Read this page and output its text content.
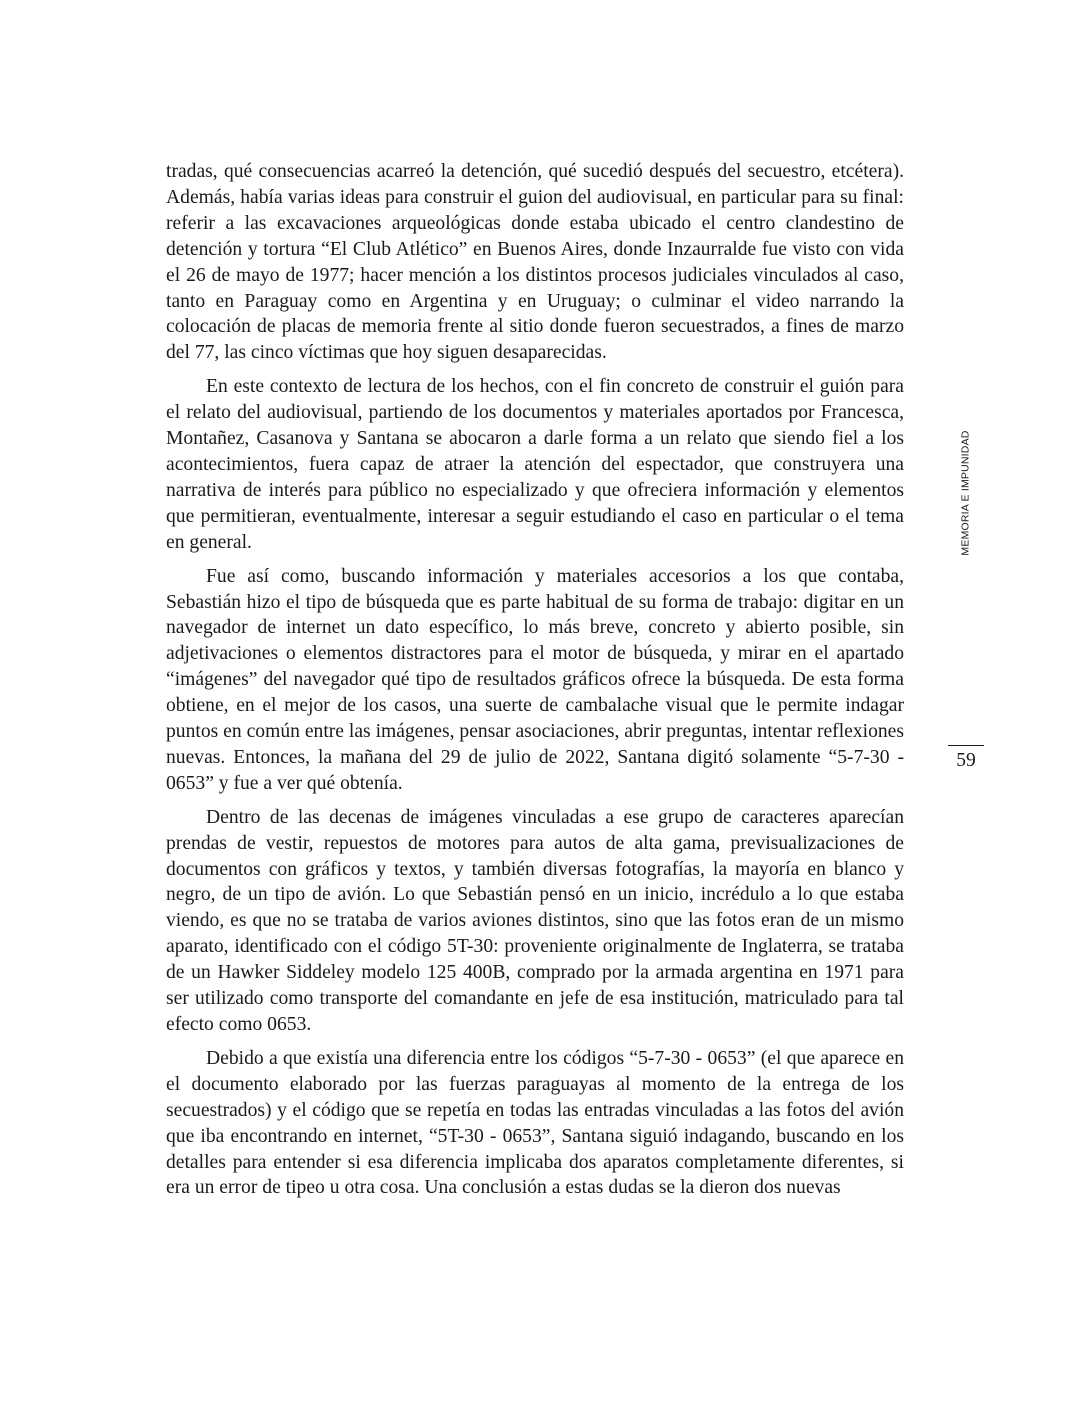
tradas, qué consecuencias acarreó la detención, qué sucedió después del secuestro, etcétera). Además, había varias ideas para construir el guion del audiovisual, en particular para su final: referir a las excavaciones arqueológicas donde estaba ubicado el centro clandestino de detención y tortura “El Club Atlético” en Buenos Aires, donde Inzaurralde fue visto con vida el 26 de mayo de 1977; hacer mención a los distintos procesos judiciales vinculados al caso, tanto en Paraguay como en Argentina y en Uruguay; o culminar el video narrando la colocación de placas de memoria frente al sitio donde fueron secuestrados, a fines de marzo del 77, las cinco víctimas que hoy siguen desaparecidas.

En este contexto de lectura de los hechos, con el fin concreto de construir el guión para el relato del audiovisual, partiendo de los documentos y materiales aportados por Francesca, Montañez, Casanova y Santana se abocaron a darle forma a un relato que siendo fiel a los acontecimientos, fuera capaz de atraer la atención del espectador, que construyera una narrativa de interés para público no especializado y que ofreciera información y elementos que permitieran, eventualmente, interesar a seguir estudiando el caso en particular o el tema en general.

Fue así como, buscando información y materiales accesorios a los que contaba, Sebastián hizo el tipo de búsqueda que es parte habitual de su forma de trabajo: digitar en un navegador de internet un dato específico, lo más breve, concreto y abierto posible, sin adjetivaciones o elementos distractores para el motor de búsqueda, y mirar en el apartado “imágenes” del navegador qué tipo de resultados gráficos ofrece la búsqueda. De esta forma obtiene, en el mejor de los casos, una suerte de cambalache visual que le permite indagar puntos en común entre las imágenes, pensar asociaciones, abrir preguntas, intentar reflexiones nuevas. Entonces, la mañana del 29 de julio de 2022, Santana digitó solamente “5-7-30 - 0653” y fue a ver qué obtenía.

Dentro de las decenas de imágenes vinculadas a ese grupo de caracteres aparecían prendas de vestir, repuestos de motores para autos de alta gama, previsualizaciones de documentos con gráficos y textos, y también diversas fotografías, la mayoría en blanco y negro, de un tipo de avión. Lo que Sebastián pensó en un inicio, incrédulo a lo que estaba viendo, es que no se trataba de varios aviones distintos, sino que las fotos eran de un mismo aparato, identificado con el código 5T-30: proveniente originalmente de Inglaterra, se trataba de un Hawker Siddeley modelo 125 400B, comprado por la armada argentina en 1971 para ser utilizado como transporte del comandante en jefe de esa institución, matriculado para tal efecto como 0653.

Debido a que existía una diferencia entre los códigos “5-7-30 - 0653” (el que aparece en el documento elaborado por las fuerzas paraguayas al momento de la entrega de los secuestrados) y el código que se repetía en todas las entradas vinculadas a las fotos del avión que iba encontrando en internet, “5T-30 - 0653”, Santana siguió indagando, buscando en los detalles para entender si esa diferencia implicaba dos aparatos completamente diferentes, si era un error de tipeo u otra cosa. Una conclusión a estas dudas se la dieron dos nuevas

MEMORIA E IMPUNIDAD
59
